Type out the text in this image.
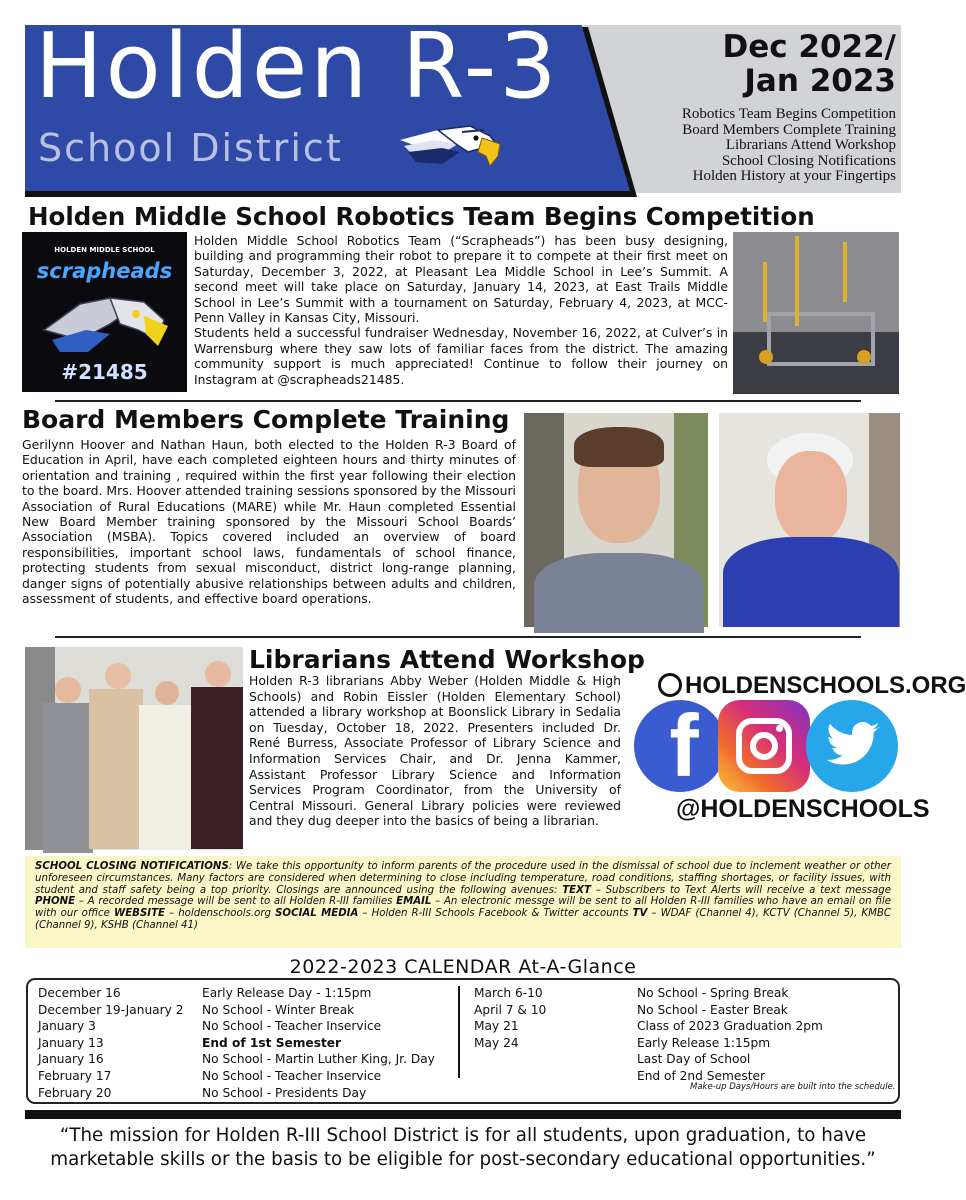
Holden R-3
School District
Dec 2022/
Jan 2023
Robotics Team Begins Competition
Board Members Complete Training
Librarians Attend Workshop
School Closing Notifications
Holden History at your Fingertips
Holden Middle School Robotics Team Begins Competition
HOLDEN MIDDLE SCHOOL
scrapheads
#21485
Holden Middle School Robotics Team (“Scrapheads”) has been busy designing, building and programming their robot to prepare it to compete at their first meet on Saturday, December 3, 2022, at Pleasant Lea Middle School in Lee’s Summit. A second meet will take place on Saturday, January 14, 2023, at East Trails Middle School in Lee’s Summit with a tournament on Saturday, February 4, 2023, at MCC-Penn Valley in Kansas City, Missouri.
Students held a successful fundraiser Wednesday, November 16, 2022, at Culver’s in Warrensburg where they saw lots of familiar faces from the district. The amazing community support is much appreciated! Continue to follow their journey on Instagram at @scrapheads21485.
Board Members Complete Training
Gerilynn Hoover and Nathan Haun, both elected to the Holden R-3 Board of Education in April, have each completed eighteen hours and thirty minutes of orientation and training , required within the first year following their election to the board. Mrs. Hoover attended training sessions sponsored by the Missouri Association of Rural Educations (MARE) while Mr. Haun completed Essential New Board Member training sponsored by the Missouri School Boards’ Association (MSBA). Topics covered included an overview of board responsibilities, important school laws, fundamentals of school finance, protecting students from sexual misconduct, district long-range planning, danger signs of potentially abusive relationships between adults and children, assessment of students, and effective board operations.
Librarians Attend Workshop
Holden R-3 librarians Abby Weber (Holden Middle & High Schools) and Robin Eissler (Holden Elementary School) attended a library workshop at Boonslick Library in Sedalia on Tuesday, October 18, 2022. Presenters included Dr. René Burress, Associate Professor of Library Science and Information Services Chair, and Dr. Jenna Kammer, Assistant Professor Library Science and Information Services Program Coordinator, from the University of Central Missouri. General Library policies were reviewed and they dug deeper into the basics of being a librarian.
HOLDENSCHOOLS.ORG
f
@HOLDENSCHOOLS

SCHOOL CLOSING NOTIFICATIONS: We take this opportunity to inform parents of the procedure used in the dismissal of school due to inclement weather or other unforeseen circumstances. Many factors are considered when determining to close including temperature, road conditions, staffing shortages, or facility issues, with student and staff safety being a top priority. Closings are announced using the following avenues: TEXT – Subscribers to Text Alerts will receive a text message PHONE – A recorded message will be sent to all Holden R-III families EMAIL – An electronic messge will be sent to all Holden R-III families who have an email on file with our office WEBSITE – holdenschools.org SOCIAL MEDIA – Holden R-III Schools Facebook & Twitter accounts TV – WDAF (Channel 4), KCTV (Channel 5), KMBC (Channel 9), KSHB (Channel 41)

2022-2023 CALENDAR At-A-Glance
December 16
December 19-January 2
January 3
January 13
January 16
February 17
February 20
Early Release Day - 1:15pm
No School - Winter Break
No School - Teacher Inservice
End of 1st Semester
No School - Martin Luther King, Jr. Day
No School - Teacher Inservice
No School - Presidents Day
March 6-10
April 7 & 10
May 21
May 24
No School - Spring Break
No School - Easter Break
Class of 2023 Graduation 2pm
Early Release 1:15pm
Last Day of School
End of 2nd Semester
Make-up Days/Hours are built into the schedule.
“The mission for Holden R-III School District is for all students, upon graduation, to have marketable skills or the basis to be eligible for post-secondary educational opportunities.”
